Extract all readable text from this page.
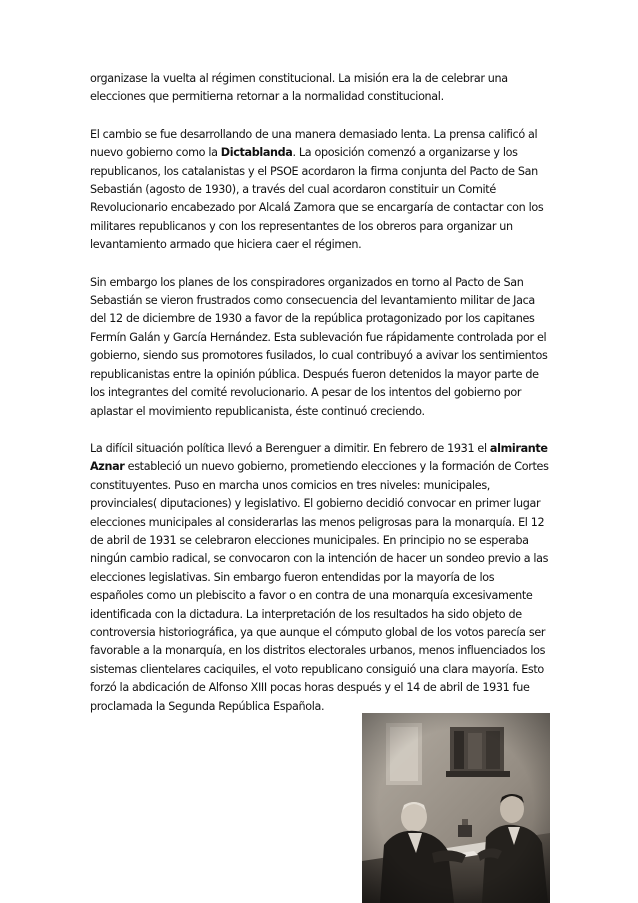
organizase la vuelta al régimen constitucional. La misión era la de celebrar una elecciones que permitierna retornar a la normalidad constitucional.

El cambio se fue desarrollando de una manera demasiado lenta. La prensa calificó al nuevo gobierno como la Dictablanda. La oposición comenzó a organizarse y los republicanos, los catalanistas y el PSOE acordaron la firma conjunta del Pacto de San Sebastián (agosto de 1930), a través del cual acordaron constituir un Comité Revolucionario encabezado por Alcalá Zamora que se encargaría de contactar con los militares republicanos y con los representantes de los obreros para organizar un levantamiento armado que hiciera caer el régimen.

Sin embargo los planes de los conspiradores organizados en torno al Pacto de San Sebastián se vieron frustrados como consecuencia del levantamiento militar de Jaca del 12 de diciembre de 1930 a favor de la república protagonizado por los capitanes Fermín Galán y García Hernández. Esta sublevación fue rápidamente controlada por el gobierno, siendo sus promotores fusilados, lo cual contribuyó a avivar los sentimientos republicanistas entre la opinión pública. Después fueron detenidos la mayor parte de los integrantes del comité revolucionario. A pesar de los intentos del gobierno por aplastar el movimiento republicanista, éste continuó creciendo.

La difícil situación política llevó a Berenguer a dimitir. En febrero de 1931 el almirante Aznar estableció un nuevo gobierno, prometiendo elecciones y la formación de Cortes constituyentes. Puso en marcha unos comicios en tres niveles: municipales, provinciales( diputaciones) y legislativo. El gobierno decidió convocar en primer lugar elecciones municipales al considerarlas las menos peligrosas para la monarquía. El 12 de abril de 1931 se celebraron elecciones municipales. En principio no se esperaba ningún cambio radical, se convocaron con la intención de hacer un sondeo previo a las elecciones legislativas. Sin embargo fueron entendidas por la mayoría de los españoles como un plebiscito a favor o en contra de una monarquía excesivamente identificada con la dictadura. La interpretación de los resultados ha sido objeto de controversia historiográfica, ya que aunque el cómputo global de los votos parecía ser favorable a la monarquía, en los distritos electorales urbanos, menos influenciados los sistemas clientelares caciquiles, el voto republicano consiguió una clara mayoría. Esto forzó la abdicación de Alfonso XIII pocas horas después y el 14 de abril de 1931 fue proclamada la Segunda República Española.
